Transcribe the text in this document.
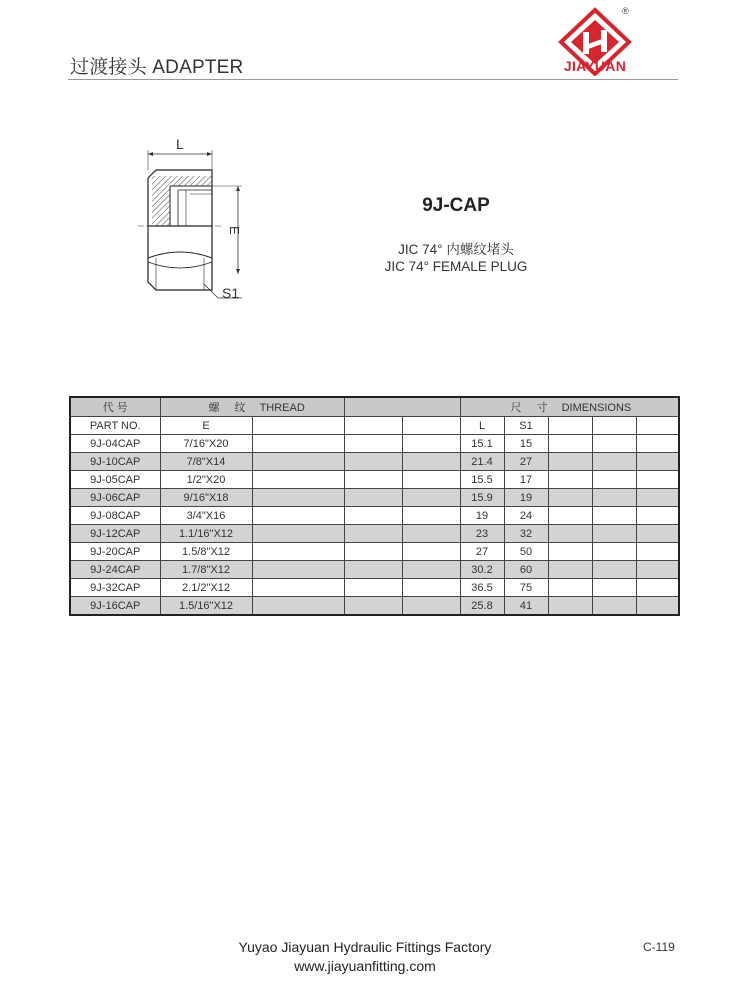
过渡接头 ADAPTER
®
JIAYUAN
L
E
S1
9J-CAP
JIC 74° 内螺纹堵头
JIC 74° FEMALE PLUG
代 号	螺 纹 THREAD				尺 寸 DIMENSIONS				
PART NO.	E				L	S1			
9J-04CAP	7/16"X20				15.1	15			
9J-10CAP	7/8"X14				21.4	27			
9J-05CAP	1/2"X20				15.5	17			
9J-06CAP	9/16"X18				15.9	19			
9J-08CAP	3/4"X16				19	24			
9J-12CAP	1.1/16"X12				23	32			
9J-20CAP	1.5/8"X12				27	50			
9J-24CAP	1.7/8"X12				30.2	60			
9J-32CAP	2.1/2"X12				36.5	75			
9J-16CAP	1.5/16"X12				25.8	41			
Yuyao Jiayuan Hydraulic Fittings Factory
www.jiayuanfitting.com
C-119
